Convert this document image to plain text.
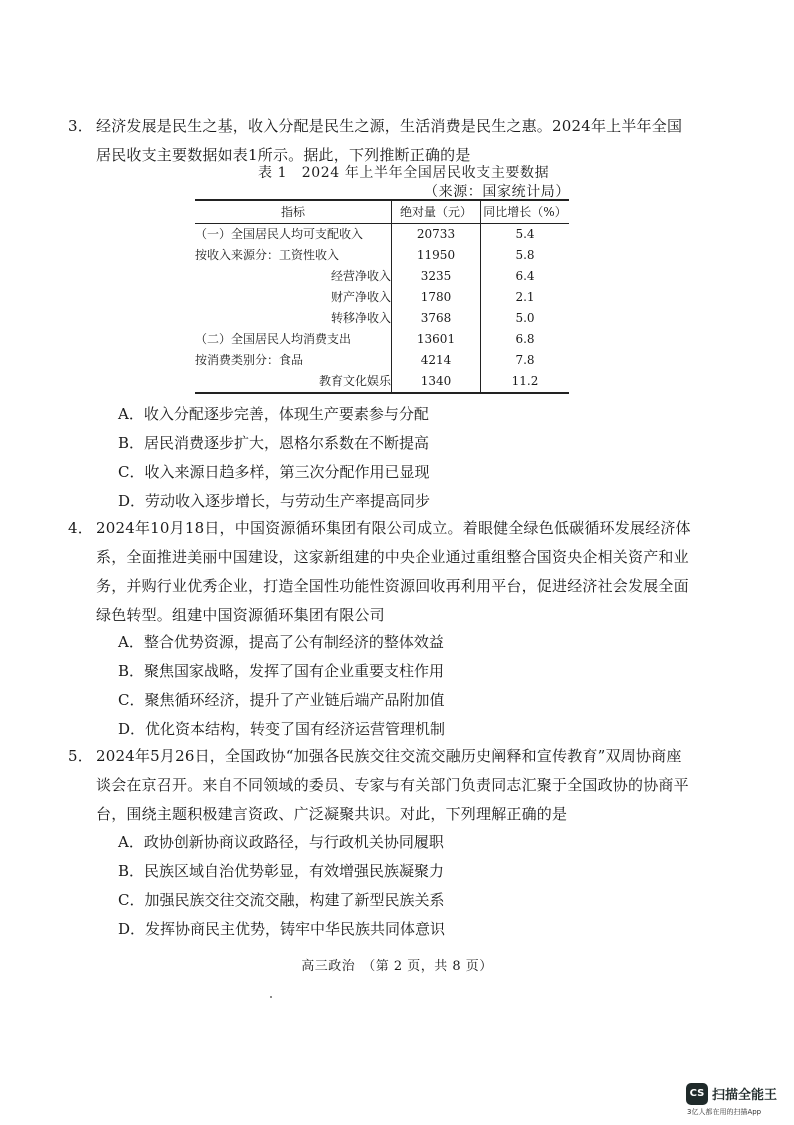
3． 经济发展是民生之基，收入分配是民生之源，生活消费是民生之惠。2024年上半年全国居民收支主要数据如表1所示。据此，下列推断正确的是
表 1　2024 年上半年全国居民收支主要数据
（来源：国家统计局）
指标	绝对量（元）	同比增长（%）
（一）全国居民人均可支配收入	20733	5.4
按收入来源分：工资性收入	11950	5.8
经营净收入	3235	6.4
财产净收入	1780	2.1
转移净收入	3768	5.0
（二）全国居民人均消费支出	13601	6.8
按消费类别分：食品	4214	7.8
教育文化娱乐	1340	11.2
A．收入分配逐步完善，体现生产要素参与分配
B．居民消费逐步扩大，恩格尔系数在不断提高
C．收入来源日趋多样，第三次分配作用已显现
D．劳动收入逐步增长，与劳动生产率提高同步
4． 2024年10月18日，中国资源循环集团有限公司成立。着眼健全绿色低碳循环发展经济体系，全面推进美丽中国建设，这家新组建的中央企业通过重组整合国资央企相关资产和业务，并购行业优秀企业，打造全国性功能性资源回收再利用平台，促进经济社会发展全面绿色转型。组建中国资源循环集团有限公司
A．整合优势资源，提高了公有制经济的整体效益
B．聚焦国家战略，发挥了国有企业重要支柱作用
C．聚焦循环经济，提升了产业链后端产品附加值
D．优化资本结构，转变了国有经济运营管理机制
5． 2024年5月26日，全国政协“加强各民族交往交流交融历史阐释和宣传教育”双周协商座谈会在京召开。来自不同领域的委员、专家与有关部门负责同志汇聚于全国政协的协商平台，围绕主题积极建言资政、广泛凝聚共识。对此，下列理解正确的是
A．政协创新协商议政路径，与行政机关协同履职
B．民族区域自治优势彰显，有效增强民族凝聚力
C．加强民族交往交流交融，构建了新型民族关系
D．发挥协商民主优势，铸牢中华民族共同体意识
高三政治　（第 2 页，共 8 页）
CS 扫描全能王
3亿人都在用的扫描App
